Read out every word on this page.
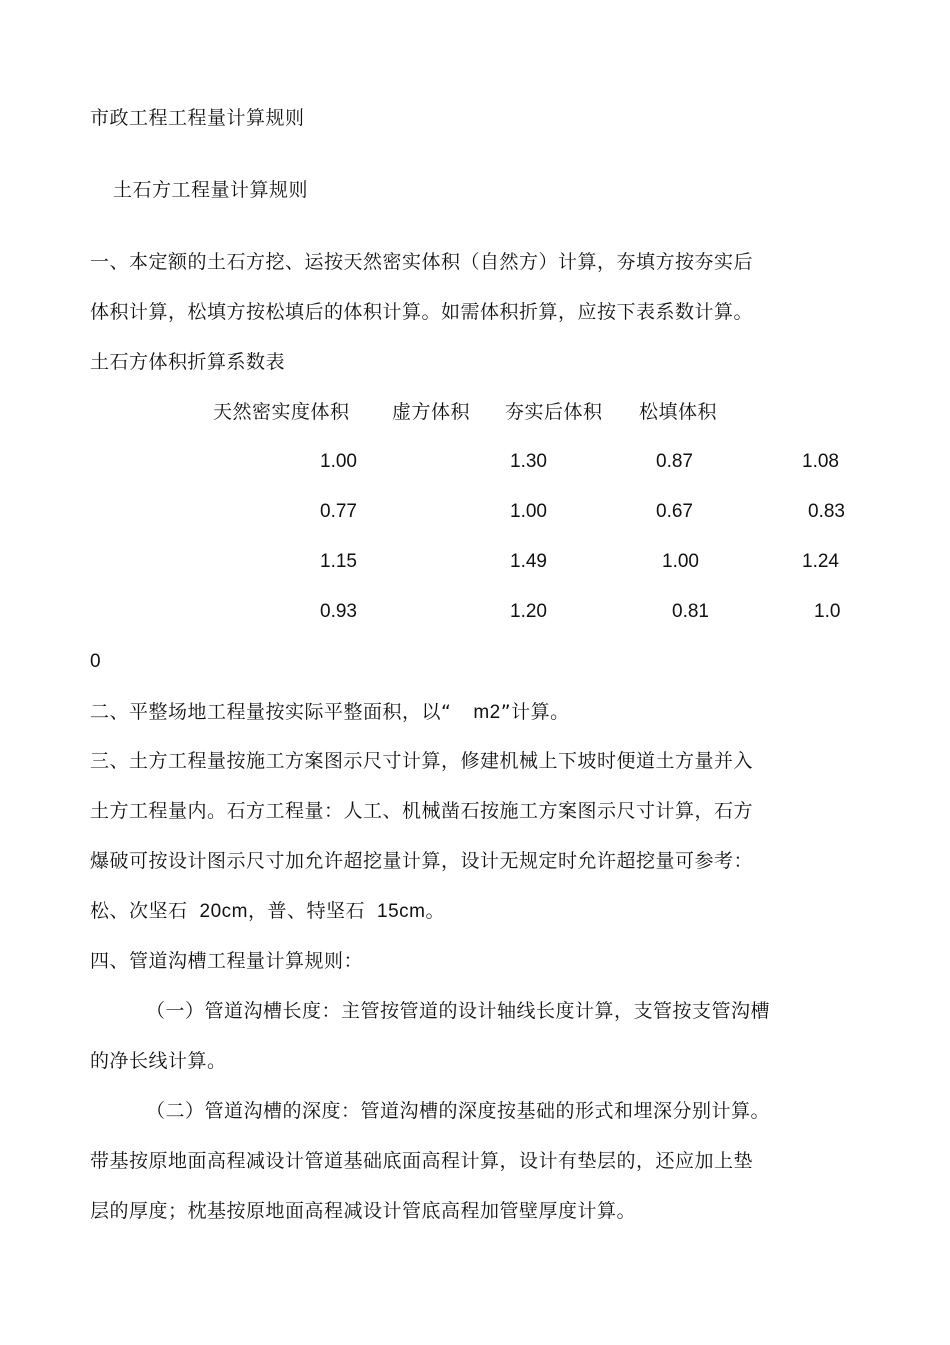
市政工程工程量计算规则
土石方工程量计算规则
一、本定额的土石方挖、运按天然密实体积（自然方）计算，夯填方按夯实后
体积计算，松填方按松填后的体积计算。如需体积折算，应按下表系数计算。
土石方体积折算系数表
天然密实度体积 虚方体积 夯实后体积 松填体积
1.00	1.30	0.87	1.08
0.77	1.00	0.67	0.83
1.15	1.49	1.00	1.24
0.93	1.20	0.81	1.0
0
二、平整场地工程量按实际平整面积，以“ m2”计算。
三、土方工程量按施工方案图示尺寸计算，修建机械上下坡时便道土方量并入
土方工程量内。石方工程量：人工、机械凿石按施工方案图示尺寸计算，石方
爆破可按设计图示尺寸加允许超挖量计算，设计无规定时允许超挖量可参考：
松、次坚石 20cm，普、特坚石 15cm。
四、管道沟槽工程量计算规则：
（一）管道沟槽长度：主管按管道的设计轴线长度计算，支管按支管沟槽
的净长线计算。
（二）管道沟槽的深度：管道沟槽的深度按基础的形式和埋深分别计算。
带基按原地面高程减设计管道基础底面高程计算，设计有垫层的，还应加上垫
层的厚度；枕基按原地面高程减设计管底高程加管壁厚度计算。
